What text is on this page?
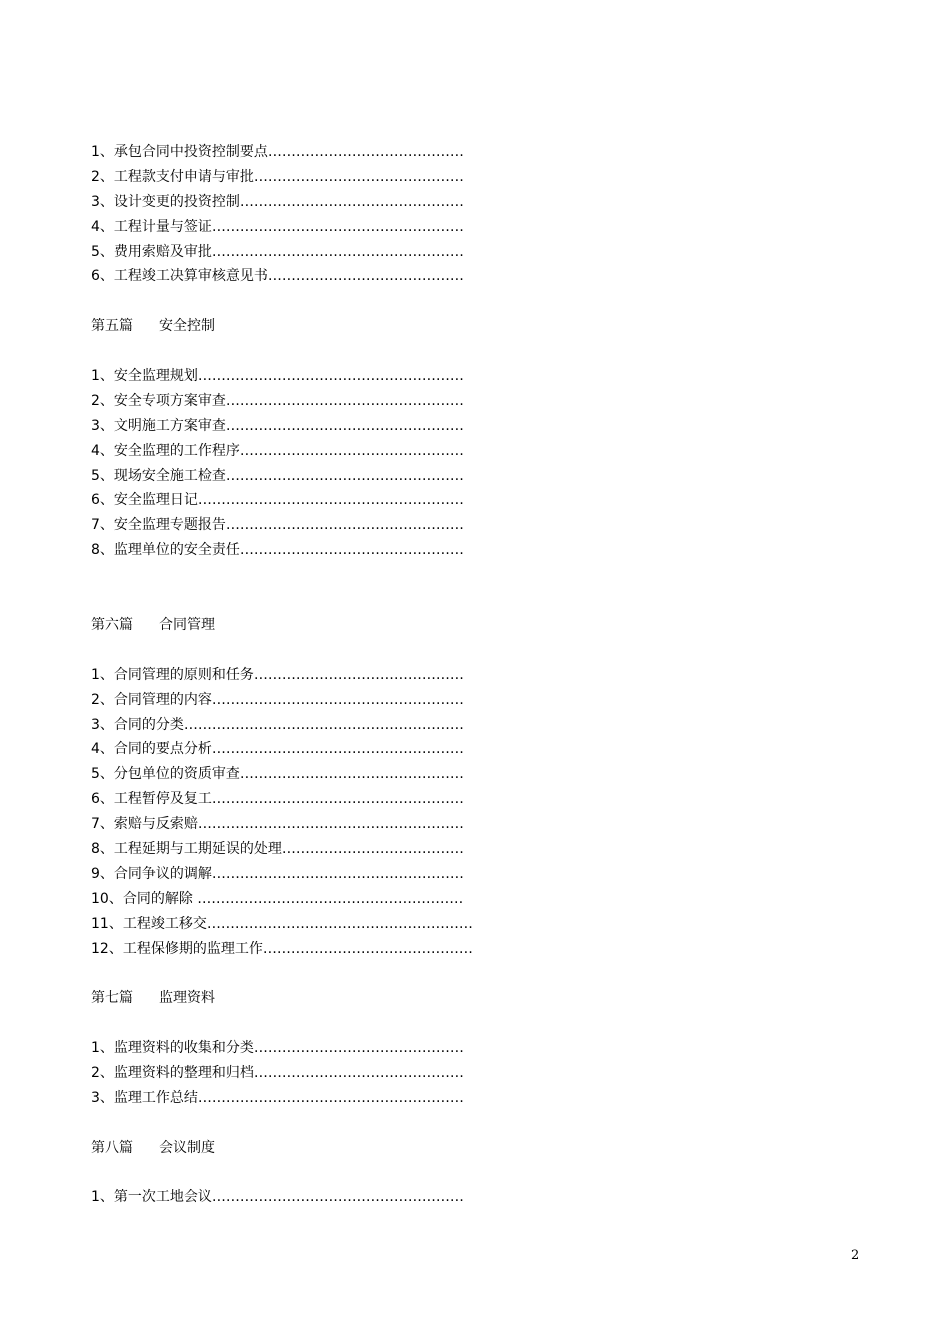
1、承包合同中投资控制要点……………………………………
2、工程款支付申请与审批………………………………………
3、设计变更的投资控制…………………………………………
4、工程计量与签证………………………………………………
5、费用索赔及审批………………………………………………
6、工程竣工决算审核意见书……………………………………
第五篇 安全控制
1、安全监理规划…………………………………………………
2、安全专项方案审查……………………………………………
3、文明施工方案审查……………………………………………
4、安全监理的工作程序…………………………………………
5、现场安全施工检查……………………………………………
6、安全监理日记…………………………………………………
7、安全监理专题报告……………………………………………
8、监理单位的安全责任…………………………………………
第六篇 合同管理
1、合同管理的原则和任务………………………………………
2、合同管理的内容………………………………………………
3、合同的分类……………………………………………………
4、合同的要点分析………………………………………………
5、分包单位的资质审查…………………………………………
6、工程暂停及复工………………………………………………
7、索赔与反索赔…………………………………………………
8、工程延期与工期延误的处理…………………………………
9、合同争议的调解………………………………………………
10、合同的解除 …………………………………………………
11、工程竣工移交…………………………………………………
12、工程保修期的监理工作………………………………………
第七篇 监理资料
1、监理资料的收集和分类………………………………………
2、监理资料的整理和归档………………………………………
3、监理工作总结…………………………………………………
第八篇 会议制度
1、第一次工地会议………………………………………………
2
